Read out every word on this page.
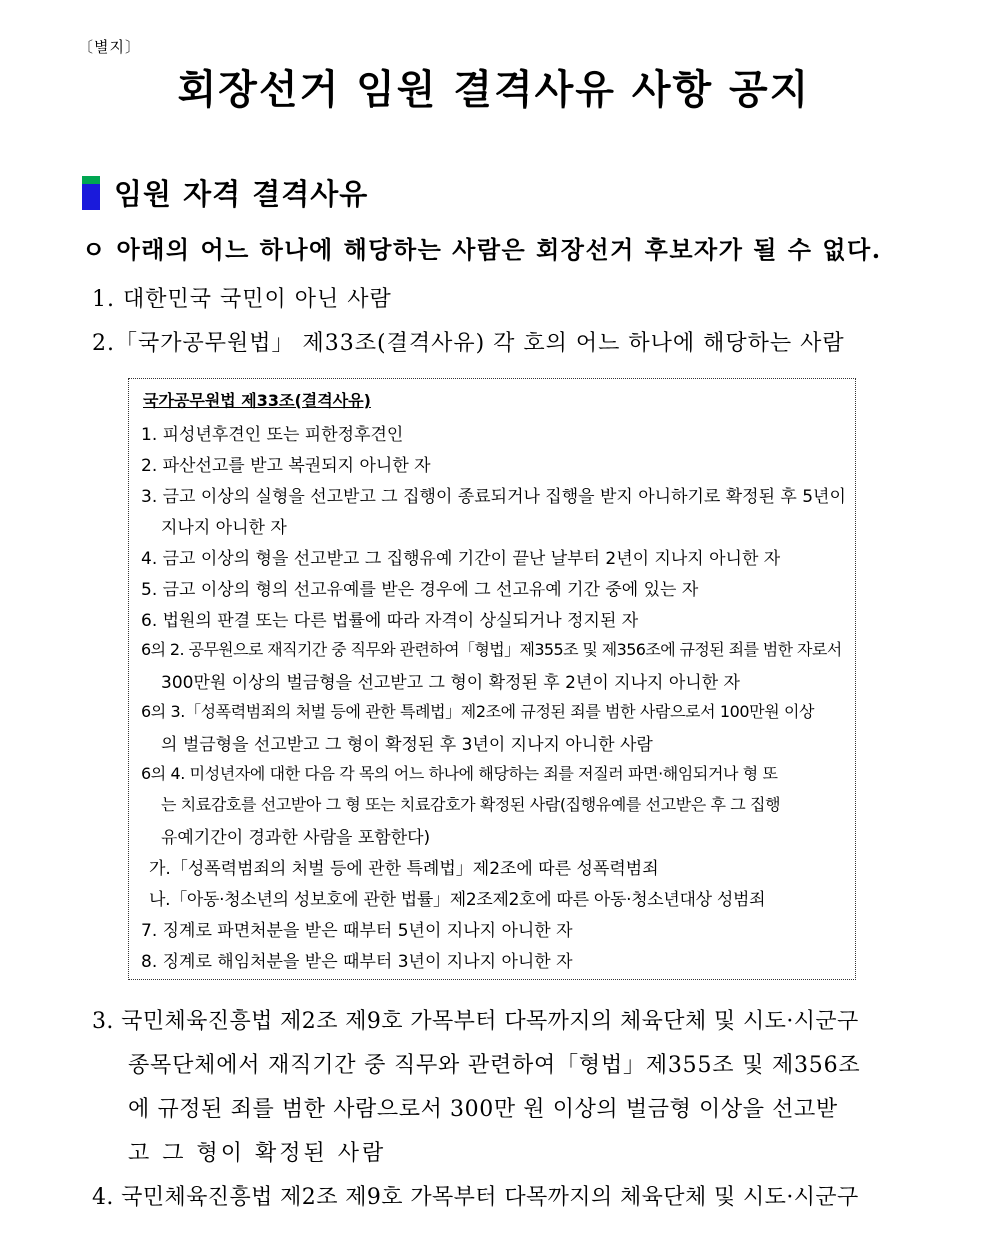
〔별지〕
회장선거 임원 결격사유 사항 공지
임원 자격 결격사유
ㅇ 아래의 어느 하나에 해당하는 사람은 회장선거 후보자가 될 수 없다.
1. 대한민국 국민이 아닌 사람
2.「국가공무원법」 제33조(결격사유) 각 호의 어느 하나에 해당하는 사람
국가공무원법 제33조(결격사유)
1. 피성년후견인 또는 피한정후견인
2. 파산선고를 받고 복권되지 아니한 자
3. 금고 이상의 실형을 선고받고 그 집행이 종료되거나 집행을 받지 아니하기로 확정된 후 5년이
지나지 아니한 자
4. 금고 이상의 형을 선고받고 그 집행유예 기간이 끝난 날부터 2년이 지나지 아니한 자
5. 금고 이상의 형의 선고유예를 받은 경우에 그 선고유예 기간 중에 있는 자
6. 법원의 판결 또는 다른 법률에 따라 자격이 상실되거나 정지된 자
6의 2. 공무원으로 재직기간 중 직무와 관련하여「형법」제355조 및 제356조에 규정된 죄를 범한 자로서
300만원 이상의 벌금형을 선고받고 그 형이 확정된 후 2년이 지나지 아니한 자
6의 3.「성폭력범죄의 처벌 등에 관한 특례법」제2조에 규정된 죄를 범한 사람으로서 100만원 이상
의 벌금형을 선고받고 그 형이 확정된 후 3년이 지나지 아니한 사람
6의 4. 미성년자에 대한 다음 각 목의 어느 하나에 해당하는 죄를 저질러 파면·해임되거나 형 또
는 치료감호를 선고받아 그 형 또는 치료감호가 확정된 사람(집행유예를 선고받은 후 그 집행
유예기간이 경과한 사람을 포함한다)
가.「성폭력범죄의 처벌 등에 관한 특례법」제2조에 따른 성폭력범죄
나.「아동·청소년의 성보호에 관한 법률」제2조제2호에 따른 아동·청소년대상 성범죄
7. 징계로 파면처분을 받은 때부터 5년이 지나지 아니한 자
8. 징계로 해임처분을 받은 때부터 3년이 지나지 아니한 자
3. 국민체육진흥법 제2조 제9호 가목부터 다목까지의 체육단체 및 시도·시군구
종목단체에서 재직기간 중 직무와 관련하여「형법」제355조 및 제356조
에 규정된 죄를 범한 사람으로서 300만 원 이상의 벌금형 이상을 선고받
고 그 형이 확정된 사람
4. 국민체육진흥법 제2조 제9호 가목부터 다목까지의 체육단체 및 시도·시군구
